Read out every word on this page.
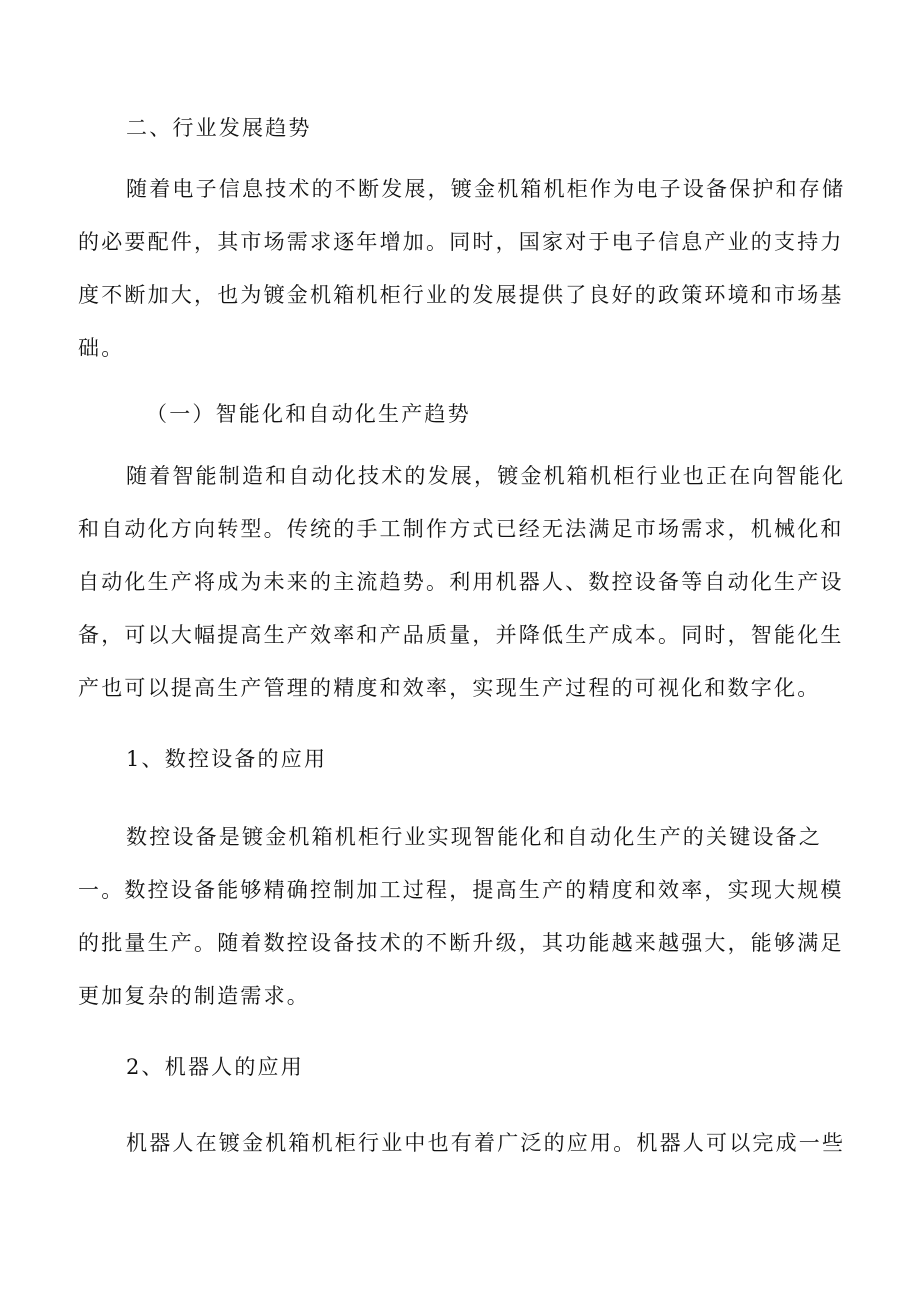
二、行业发展趋势
随着电子信息技术的不断发展，镀金机箱机柜作为电子设备保护和存储
的必要配件，其市场需求逐年增加。同时，国家对于电子信息产业的支持力
度不断加大，也为镀金机箱机柜行业的发展提供了良好的政策环境和市场基
础。
（一）智能化和自动化生产趋势
随着智能制造和自动化技术的发展，镀金机箱机柜行业也正在向智能化
和自动化方向转型。传统的手工制作方式已经无法满足市场需求，机械化和
自动化生产将成为未来的主流趋势。利用机器人、数控设备等自动化生产设
备，可以大幅提高生产效率和产品质量，并降低生产成本。同时，智能化生
产也可以提高生产管理的精度和效率，实现生产过程的可视化和数字化。
1、数控设备的应用
数控设备是镀金机箱机柜行业实现智能化和自动化生产的关键设备之
一。数控设备能够精确控制加工过程，提高生产的精度和效率，实现大规模
的批量生产。随着数控设备技术的不断升级，其功能越来越强大，能够满足
更加复杂的制造需求。
2、机器人的应用
机器人在镀金机箱机柜行业中也有着广泛的应用。机器人可以完成一些
